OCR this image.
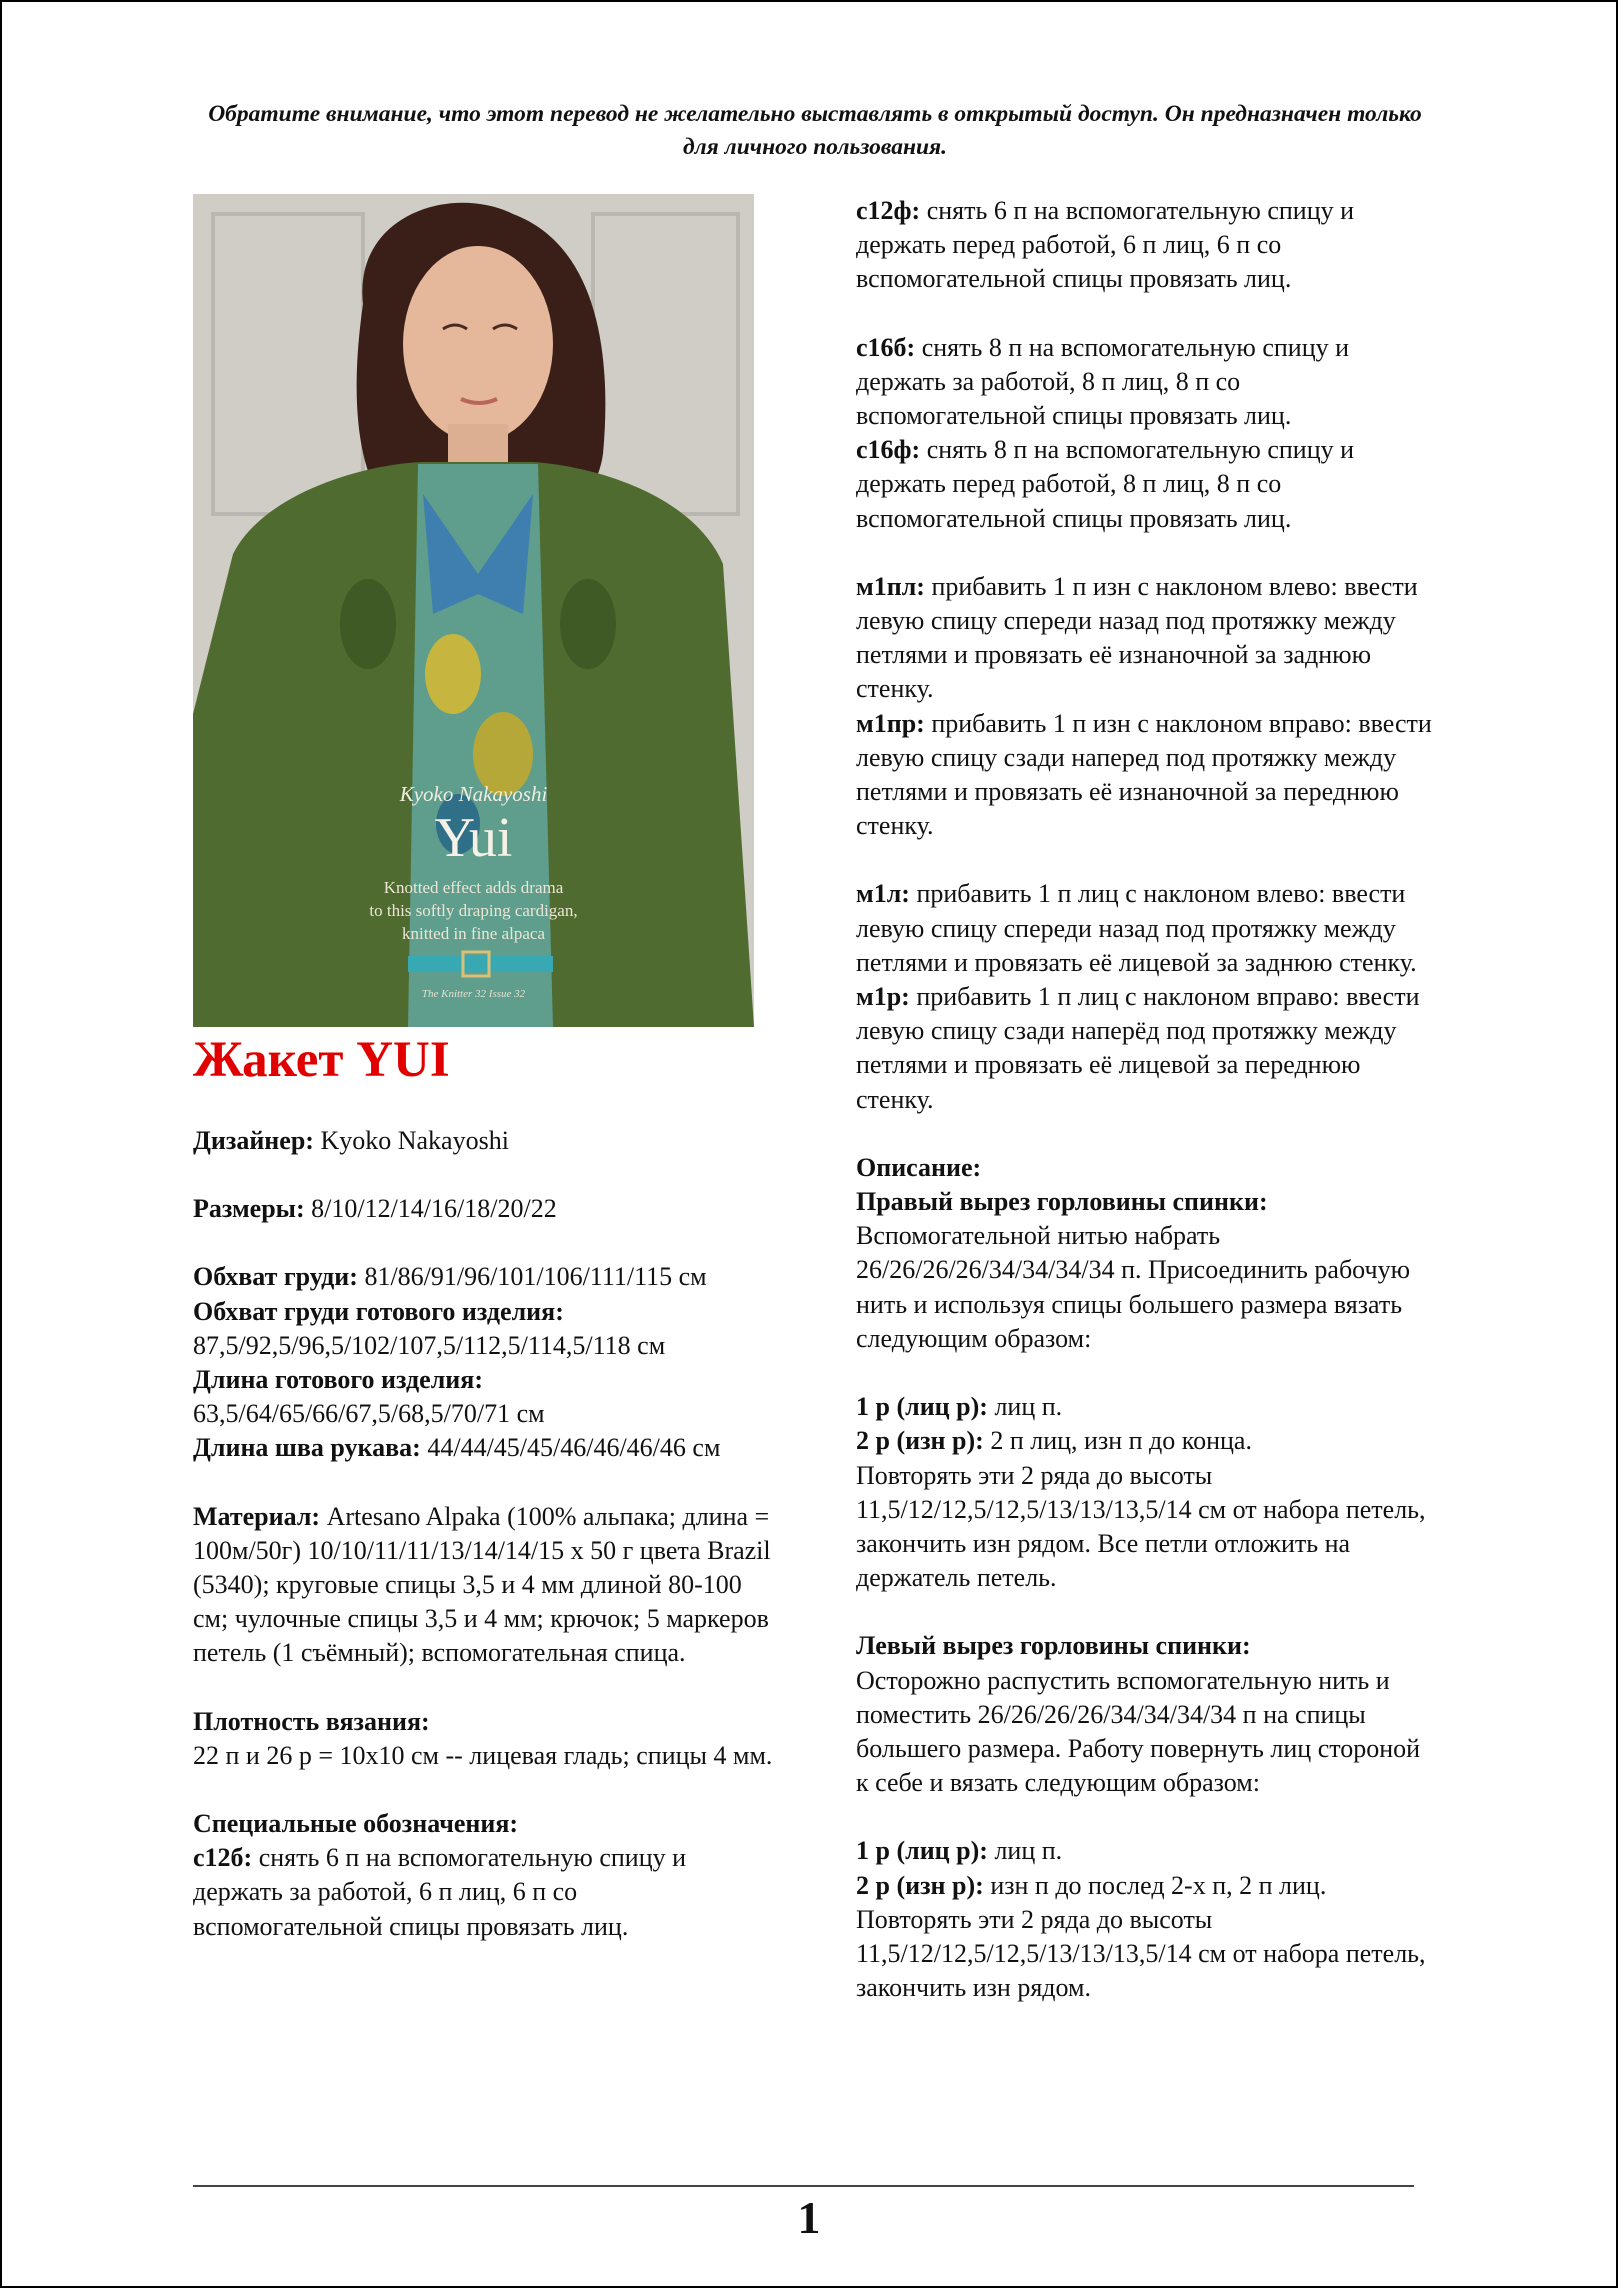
Обратите внимание, что этот перевод не желательно выставлять в открытый доступ. Он предназначен только для личного пользования.
Kyoko Nakayoshi
Yui
Knotted effect adds drama
to this softly draping cardigan,
knitted in fine alpaca
The Knitter 32 Issue 32
Жакет YUI

Дизайнер: Kyoko Nakayoshi

Размеры: 8/10/12/14/16/18/20/22

Обхват груди: 81/86/91/96/101/106/111/115 см

Обхват груди готового изделия:
87,5/92,5/96,5/102/107,5/112,5/114,5/118 см

Длина готового изделия:
63,5/64/65/66/67,5/68,5/70/71 см

Длина шва рукава: 44/44/45/45/46/46/46/46 см

Материал: Artesano Alpaka (100% альпака; длина = 100м/50г) 10/10/11/11/13/14/14/15 х 50 г цвета Brazil (5340); круговые спицы 3,5 и 4 мм длиной 80-100 см; чулочные спицы 3,5 и 4 мм; крючок; 5 маркеров петель (1 съёмный); вспомогательная спица.

Плотность вязания:
22 п и 26 р = 10х10 см -- лицевая гладь; спицы 4 мм.

Специальные обозначения:

с12б: снять 6 п на вспомогательную спицу и держать за работой, 6 п лиц, 6 п со вспомогательной спицы провязать лиц.

с12ф: снять 6 п на вспомогательную спицу и держать перед работой, 6 п лиц, 6 п со вспомогательной спицы провязать лиц.

с16б: снять 8 п на вспомогательную спицу и держать за работой, 8 п лиц, 8 п со вспомогательной спицы провязать лиц.

с16ф: снять 8 п на вспомогательную спицу и держать перед работой, 8 п лиц, 8 п со вспомогательной спицы провязать лиц.

м1пл: прибавить 1 п изн с наклоном влево: ввести левую спицу спереди назад под протяжку между петлями и провязать её изнаночной за заднюю стенку.

м1пр: прибавить 1 п изн с наклоном вправо: ввести левую спицу сзади наперед под протяжку между петлями и провязать её изнаночной за переднюю стенку.

м1л: прибавить 1 п лиц с наклоном влево: ввести левую спицу спереди назад под протяжку между петлями и провязать её лицевой за заднюю стенку.

м1р: прибавить 1 п лиц с наклоном вправо: ввести левую спицу сзади наперёд под протяжку между петлями и провязать её лицевой за переднюю стенку.

Описание:

Правый вырез горловины спинки:

Вспомогательной нитью набрать 26/26/26/26/34/34/34/34 п. Присоединить рабочую нить и используя спицы большего размера вязать следующим образом:

1 р (лиц р): лиц п.

2 р (изн р): 2 п лиц, изн п до конца.

Повторять эти 2 ряда до высоты 11,5/12/12,5/12,5/13/13/13,5/14 см от набора петель, закончить изн рядом. Все петли отложить на держатель петель.

Левый вырез горловины спинки:

Осторожно распустить вспомогательную нить и поместить 26/26/26/26/34/34/34/34 п на спицы большего размера. Работу повернуть лиц стороной к себе и вязать следующим образом:

1 р (лиц р): лиц п.

2 р (изн р): изн п до послед 2-х п, 2 п лиц.

Повторять эти 2 ряда до высоты 11,5/12/12,5/12,5/13/13/13,5/14 см от набора петель, закончить изн рядом.

1
